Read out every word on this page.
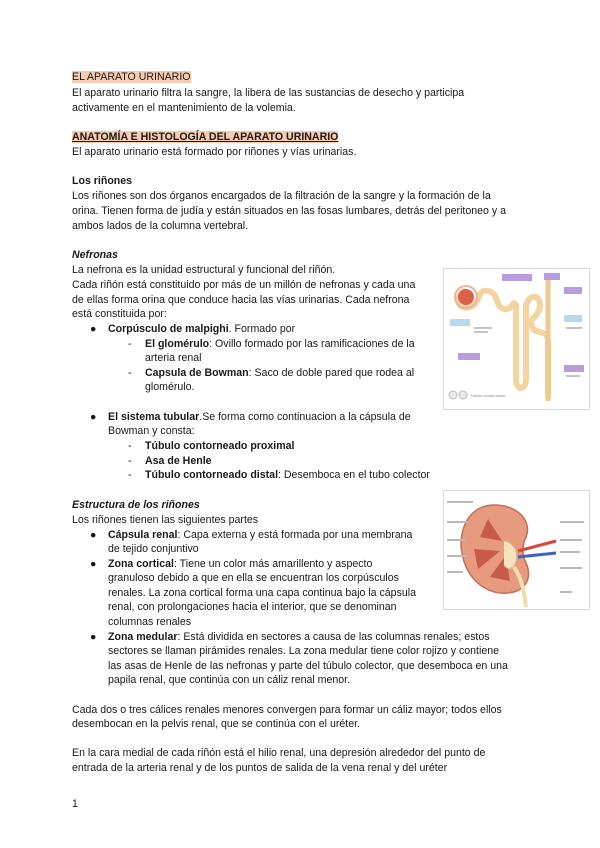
EL APARATO URINARIO
El aparato urinario filtra la sangre, la libera de las sustancias de desecho y participa
activamente en el mantenimiento de la volemia.
ANATOMÍA E HISTOLOGÍA DEL APARATO URINARIO
El aparato urinario está formado por riñones y vías urinarias.
Los riñones
Los riñones son dos órganos encargados de la filtración de la sangre y la formación de la
orina. Tienen forma de judía y están situados en las fosas lumbares, detrás del peritoneo y a
ambos lados de la columna vertebral.
Nefronas
La nefrona es la unidad estructural y funcional del riñón.
Cada riñón está constituido por más de un millón de nefronas y cada una
de ellas forma orina que conduce hacia las vías urinarias. Cada nefrona
está constituida por:
● Corpúsculo de malpighi. Formado por
- El glomérulo: Ovillo formado por las ramificaciones de la
arteria renal
- Capsula de Bowman: Saco de doble pared que rodea al
glomérulo.
● El sistema tubular.Se forma como continuacion a la cápsula de
Bowman y consta:
- Túbulo contorneado proximal
- Asa de Henle
- Túbulo contorneado distal: Desemboca en el tubo colector
Túbulo contorneado
Estructura de los riñones
Los riñones tienen las siguientes partes
● Cápsula renal: Capa externa y está formada por una membrana
de tejido conjuntivo
● Zona cortical: Tiene un color más amarillento y aspecto
granuloso debido a que en ella se encuentran los corpúsculos
renales. La zona cortical forma una capa continua bajo la cápsula
renal, con prolongaciones hacia el interior, que se denominan
columnas renales
● Zona medular: Está dividida en sectores a causa de las columnas renales; estos
sectores se llaman pirámides renales. La zona medular tiene color rojizo y contiene
las asas de Henle de las nefronas y parte del túbulo colector, que desemboca en una
papila renal, que continúa con un cáliz renal menor.
Cada dos o tres cálices renales menores convergen para formar un cáliz mayor; todos ellos
desembocan en la pelvis renal, que se continúa con el uréter.
En la cara medial de cada riñón está el hilio renal, una depresión alrededor del punto de
entrada de la arteria renal y de los puntos de salida de la vena renal y del uréter
1
